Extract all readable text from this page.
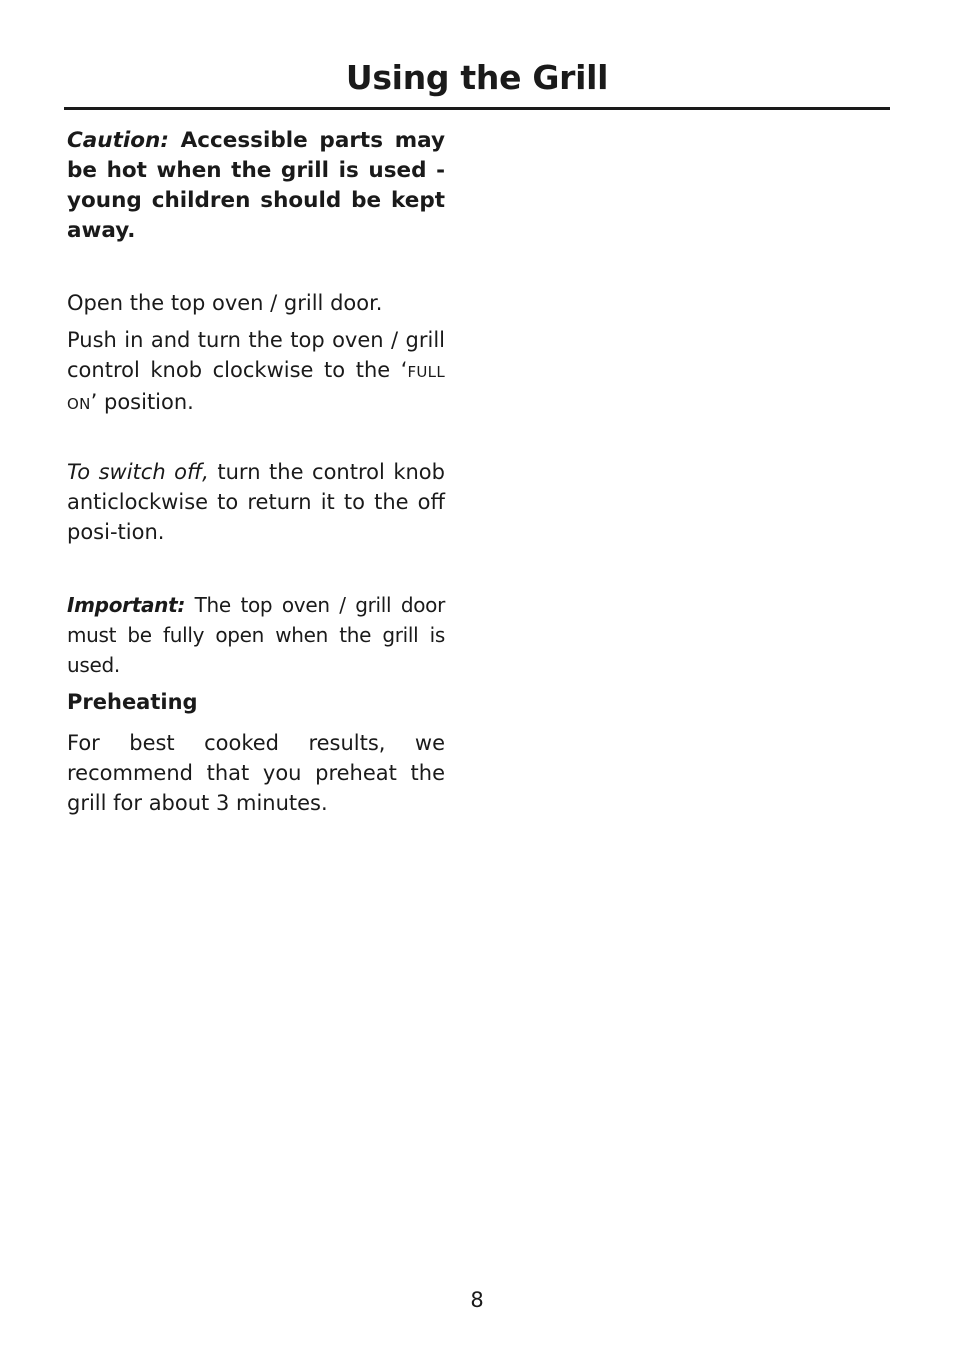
Using the Grill

Caution: Accessible parts may be hot when the grill is used - young children should be kept away.

Open the top oven / grill door.

Push in and turn the top oven / grill control knob clockwise to the ‘FULL ON’ position.

To switch off, turn the control knob anticlockwise to return it to the off posi-tion.

Important: The top oven / grill door must be fully open when the grill is used.

Preheating

For best cooked results, we recommend that you preheat the grill for about 3 minutes.

8
